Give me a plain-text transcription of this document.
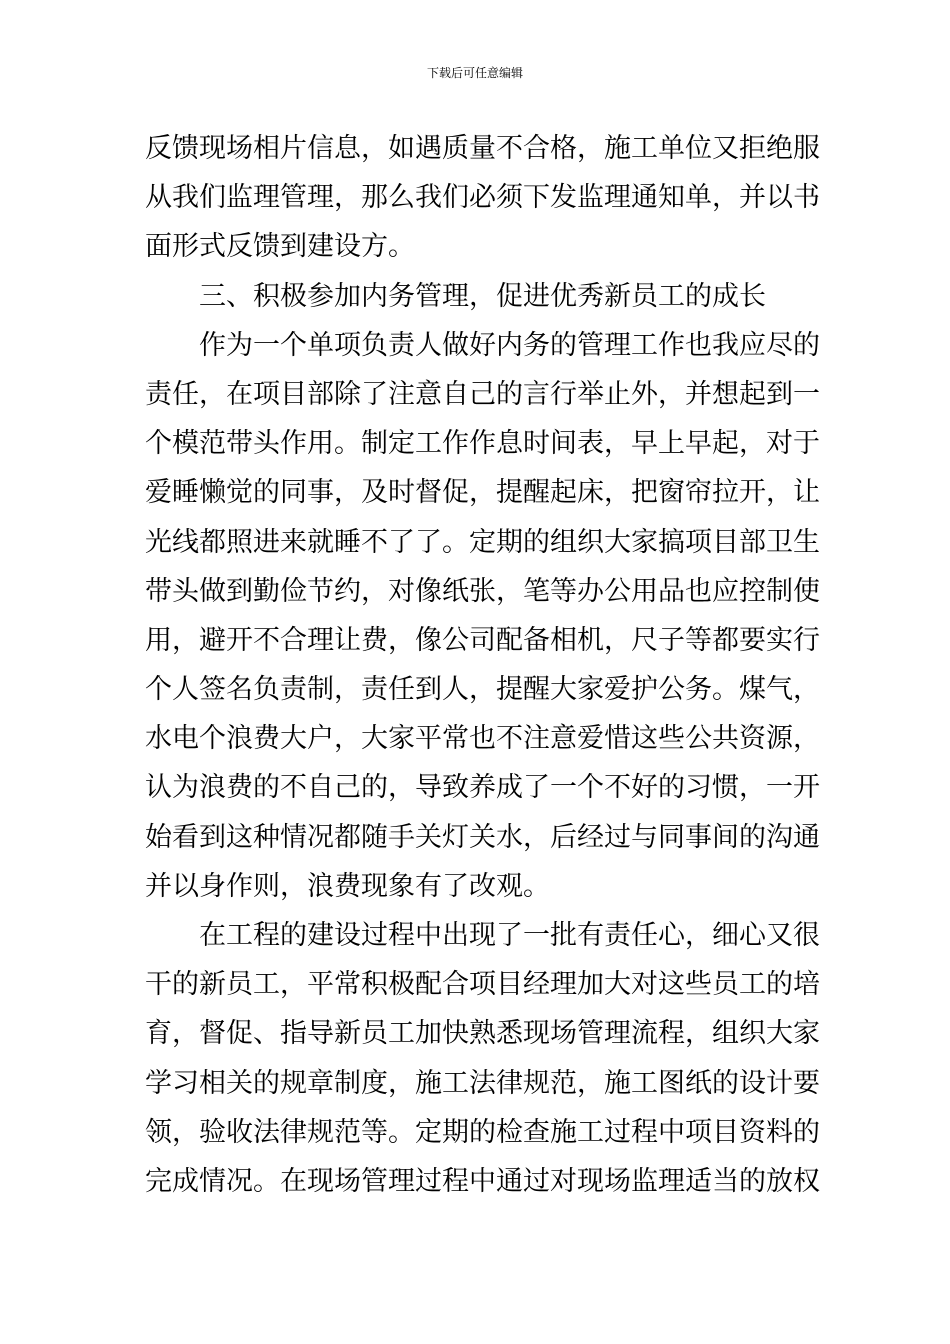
下载后可任意编辑
反馈现场相片信息，如遇质量不合格，施工单位又拒绝服
从我们监理管理，那么我们必须下发监理通知单，并以书
面形式反馈到建设方。
三、积极参加内务管理，促进优秀新员工的成长
作为一个单项负责人做好内务的管理工作也我应尽的
责任，在项目部除了注意自己的言行举止外，并想起到一
个模范带头作用。制定工作作息时间表，早上早起，对于
爱睡懒觉的同事，及时督促，提醒起床，把窗帘拉开，让
光线都照进来就睡不了了。定期的组织大家搞项目部卫生
带头做到勤俭节约，对像纸张，笔等办公用品也应控制使
用，避开不合理让费，像公司配备相机，尺子等都要实行
个人签名负责制，责任到人，提醒大家爱护公务。煤气，
水电个浪费大户，大家平常也不注意爱惜这些公共资源，
认为浪费的不自己的，导致养成了一个不好的习惯，一开
始看到这种情况都随手关灯关水，后经过与同事间的沟通
并以身作则，浪费现象有了改观。
在工程的建设过程中出现了一批有责任心，细心又很
干的新员工，平常积极配合项目经理加大对这些员工的培
育，督促、指导新员工加快熟悉现场管理流程，组织大家
学习相关的规章制度，施工法律规范，施工图纸的设计要
领，验收法律规范等。定期的检查施工过程中项目资料的
完成情况。在现场管理过程中通过对现场监理适当的放权
